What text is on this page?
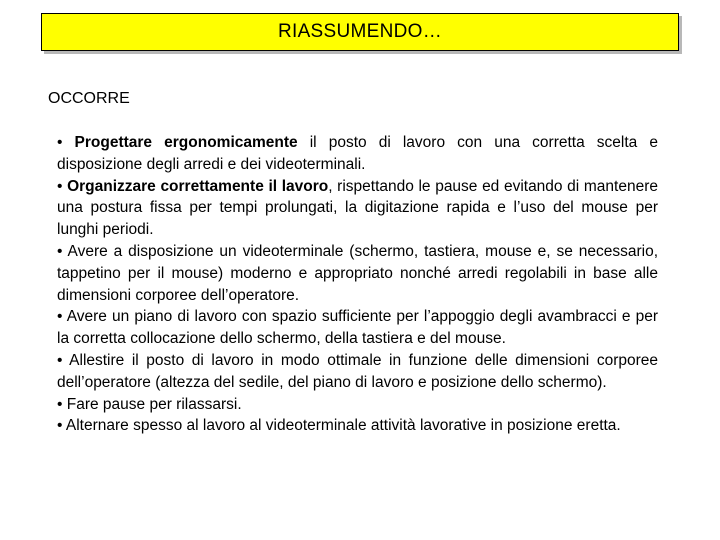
RIASSUMENDO…
OCCORRE

• Progettare ergonomicamente il posto di lavoro con una corretta scelta e disposizione degli arredi e dei videoterminali.

• Organizzare correttamente il lavoro, rispettando le pause ed evitando di mantenere una postura fissa per tempi prolungati, la digitazione rapida e l’uso del mouse per lunghi periodi.

• Avere a disposizione un videoterminale (schermo, tastiera, mouse e, se necessario, tappetino per il mouse) moderno e appropriato nonché arredi regolabili in base alle dimensioni corporee dell’operatore.

• Avere un piano di lavoro con spazio sufficiente per l’appoggio degli avambracci e per la corretta collocazione dello schermo, della tastiera e del mouse.

• Allestire il posto di lavoro in modo ottimale in funzione delle dimensioni corporee dell’operatore (altezza del sedile, del piano di lavoro e posizione dello schermo).

• Fare pause per rilassarsi.

• Alternare spesso al lavoro al videoterminale attività lavorative in posizione eretta.
